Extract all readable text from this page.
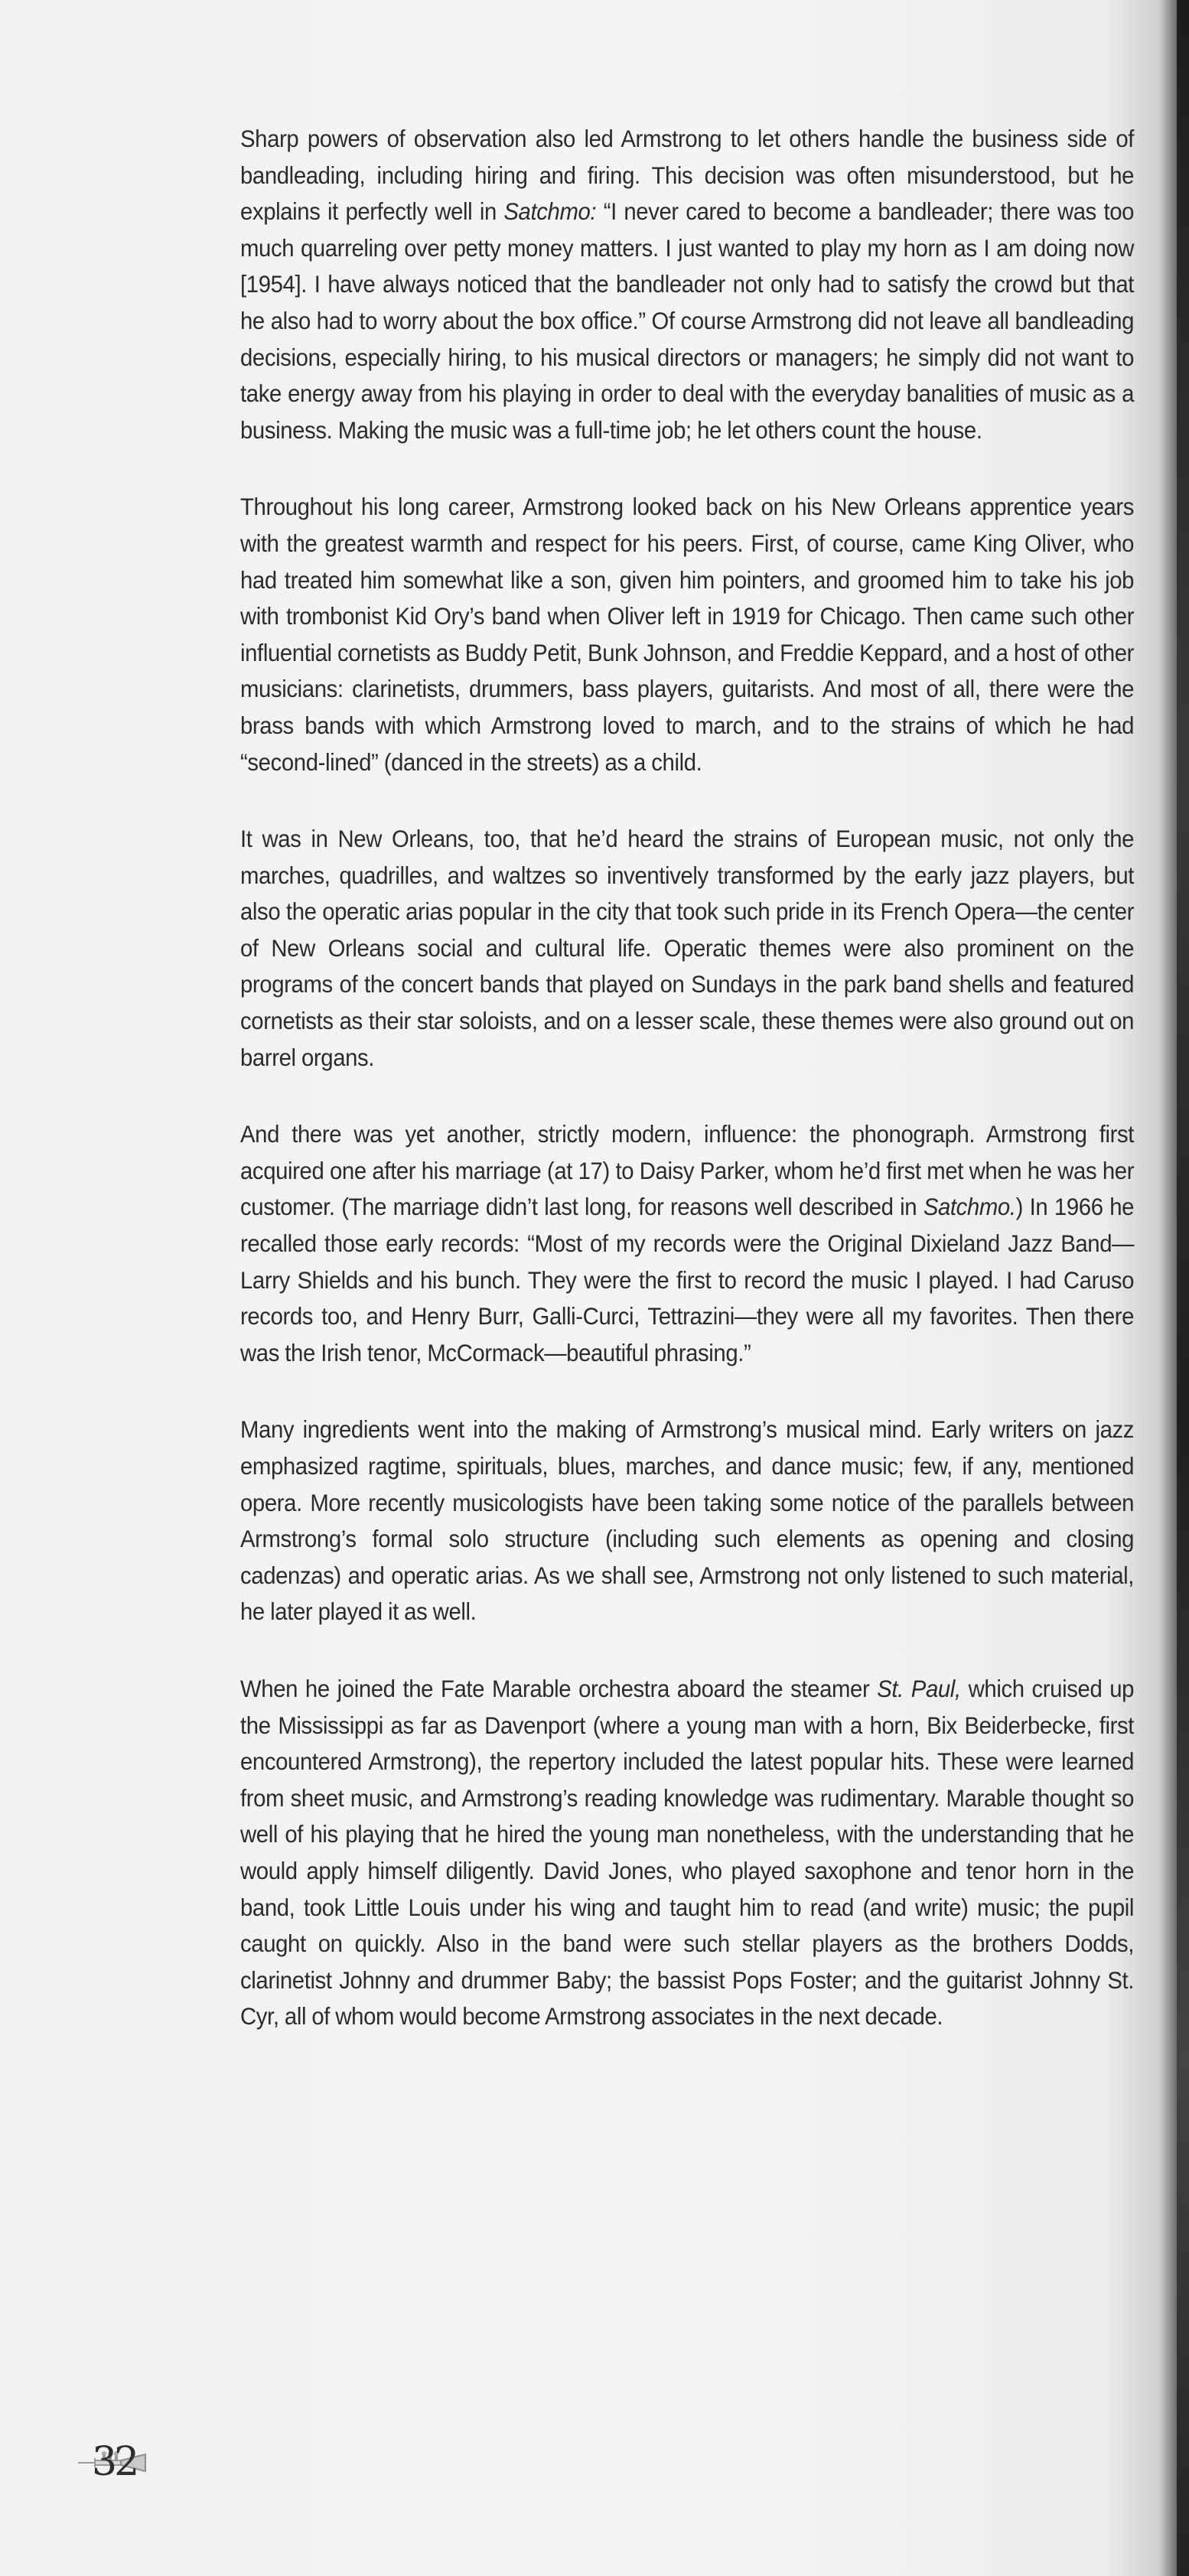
Sharp powers of observation also led Armstrong to let others handle the business side of bandleading, including hiring and firing. This decision was often misunderstood, but he explains it perfectly well in Satchmo: “I never cared to become a bandleader; there was too much quarreling over petty money matters. I just wanted to play my horn as I am doing now [1954]. I have always noticed that the bandleader not only had to satisfy the crowd but that he also had to worry about the box office.” Of course Armstrong did not leave all bandleading decisions, especially hiring, to his musical directors or managers; he simply did not want to take energy away from his playing in order to deal with the everyday banalities of music as a business. Making the music was a full-time job; he let others count the house.

Throughout his long career, Armstrong looked back on his New Orleans apprentice years with the greatest warmth and respect for his peers. First, of course, came King Oliver, who had treated him somewhat like a son, given him pointers, and groomed him to take his job with trombonist Kid Ory’s band when Oliver left in 1919 for Chicago. Then came such other influential cornetists as Buddy Petit, Bunk Johnson, and Freddie Keppard, and a host of other musicians: clarinetists, drummers, bass players, guitarists. And most of all, there were the brass bands with which Armstrong loved to march, and to the strains of which he had “second-lined” (danced in the streets) as a child.

It was in New Orleans, too, that he’d heard the strains of European music, not only the marches, quadrilles, and waltzes so inventively transformed by the early jazz players, but also the operatic arias popular in the city that took such pride in its French Opera—the center of New Orleans social and cultural life. Operatic themes were also prominent on the programs of the concert bands that played on Sundays in the park band shells and featured cornetists as their star soloists, and on a lesser scale, these themes were also ground out on barrel organs.

And there was yet another, strictly modern, influence: the phonograph. Armstrong first acquired one after his marriage (at 17) to Daisy Parker, whom he’d first met when he was her customer. (The marriage didn’t last long, for reasons well described in Satchmo.) In 1966 he recalled those early records: “Most of my records were the Original Dixieland Jazz Band—Larry Shields and his bunch. They were the first to record the music I played. I had Caruso records too, and Henry Burr, Galli-Curci, Tettrazini—they were all my favorites. Then there was the Irish tenor, McCormack—beautiful phrasing.”

Many ingredients went into the making of Armstrong’s musical mind. Early writers on jazz emphasized ragtime, spirituals, blues, marches, and dance music; few, if any, mentioned opera. More recently musicologists have been taking some notice of the parallels between Armstrong’s formal solo structure (including such elements as opening and closing cadenzas) and operatic arias. As we shall see, Armstrong not only listened to such material, he later played it as well.

When he joined the Fate Marable orchestra aboard the steamer St. Paul, which cruised up the Mississippi as far as Davenport (where a young man with a horn, Bix Beiderbecke, first encountered Armstrong), the repertory included the latest popular hits. These were learned from sheet music, and Armstrong’s reading knowledge was rudimentary. Marable thought so well of his playing that he hired the young man nonetheless, with the understanding that he would apply himself diligently. David Jones, who played saxophone and tenor horn in the band, took Little Louis under his wing and taught him to read (and write) music; the pupil caught on quickly. Also in the band were such stellar players as the brothers Dodds, clarinetist Johnny and drummer Baby; the bassist Pops Foster; and the guitarist Johnny St. Cyr, all of whom would become Armstrong associates in the next decade.

32
